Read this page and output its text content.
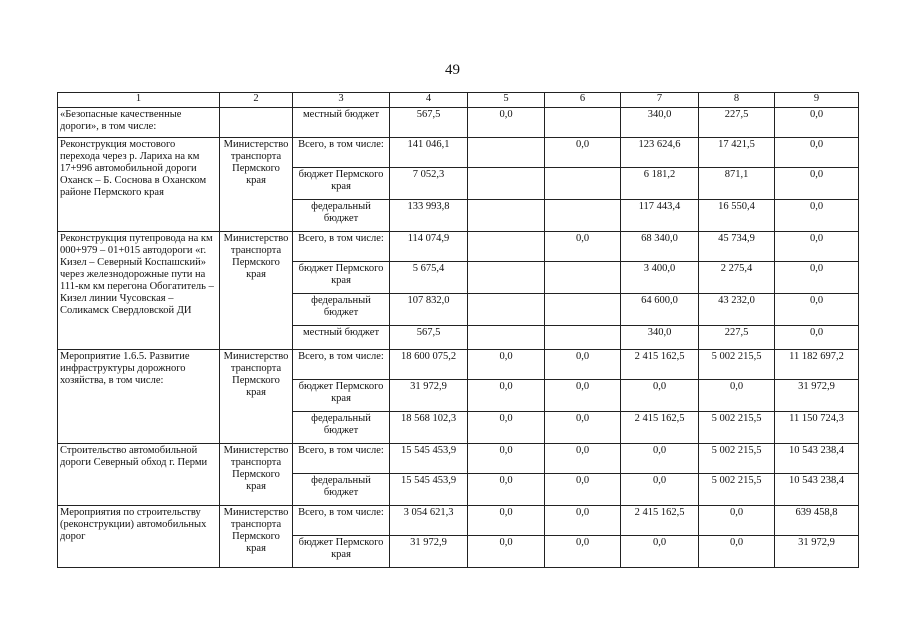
49
1	2	3	4	5	6	7	8	9
«Безопасные качественные дороги», в том числе:		местный бюджет	567,5	0,0		340,0	227,5	0,0
Реконструкция мостового перехода через р. Лариха на км 17+996 автомобильной дороги Оханск – Б. Соснова в Оханском районе Пермского края	Министерство транспорта Пермского края	Всего, в том числе:	141 046,1		0,0	123 624,6	17 421,5	0,0
		бюджет Пермского края	7 052,3			6 181,2	871,1	0,0
		федеральный бюджет	133 993,8			117 443,4	16 550,4	0,0
Реконструкция путепровода на км 000+979 – 01+015 автодороги «г. Кизел – Северный Коспашский» через железнодорожные пути на 111-км км перегона Обогатитель – Кизел линии Чусовская – Соликамск Свердловской ДИ	Министерство транспорта Пермского края	Всего, в том числе:	114 074,9		0,0	68 340,0	45 734,9	0,0
		бюджет Пермского края	5 675,4			3 400,0	2 275,4	0,0
		федеральный бюджет	107 832,0			64 600,0	43 232,0	0,0
		местный бюджет	567,5			340,0	227,5	0,0
Мероприятие 1.6.5. Развитие инфраструктуры дорожного хозяйства, в том числе:	Министерство транспорта Пермского края	Всего, в том числе:	18 600 075,2	0,0	0,0	2 415 162,5	5 002 215,5	11 182 697,2
		бюджет Пермского края	31 972,9	0,0	0,0	0,0	0,0	31 972,9
		федеральный бюджет	18 568 102,3	0,0	0,0	2 415 162,5	5 002 215,5	11 150 724,3
Строительство автомобильной дороги Северный обход г. Перми	Министерство транспорта Пермского края	Всего, в том числе:	15 545 453,9	0,0	0,0	0,0	5 002 215,5	10 543 238,4
		федеральный бюджет	15 545 453,9	0,0	0,0	0,0	5 002 215,5	10 543 238,4
Мероприятия по строительству (реконструкции) автомобильных дорог	Министерство транспорта Пермского края	Всего, в том числе:	3 054 621,3	0,0	0,0	2 415 162,5	0,0	639 458,8
		бюджет Пермского края	31 972,9	0,0	0,0	0,0	0,0	31 972,9
